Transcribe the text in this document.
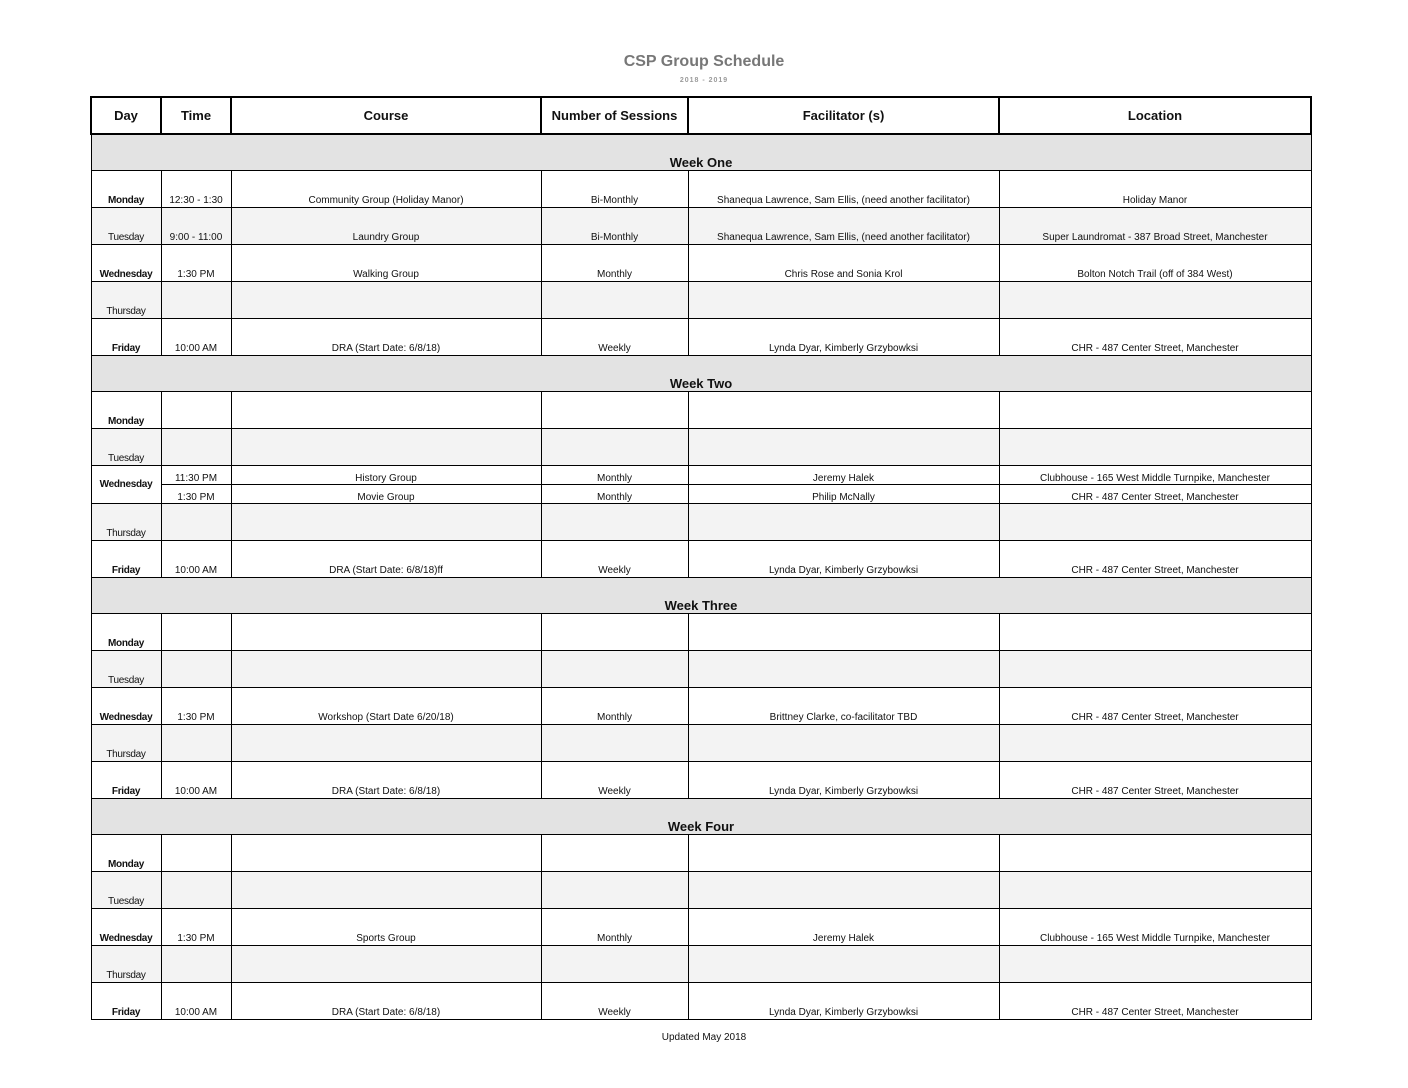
CSP Group Schedule
2018 - 2019
Day	Time	Course	Number of Sessions	Facilitator (s)	Location
Week One					
Monday	12:30 - 1:30	Community Group (Holiday Manor)	Bi-Monthly	Shanequa Lawrence, Sam Ellis, (need another facilitator)	Holiday Manor
Tuesday	9:00 - 11:00	Laundry Group	Bi-Monthly	Shanequa Lawrence, Sam Ellis, (need another facilitator)	Super Laundromat - 387 Broad Street, Manchester
Wednesday	1:30 PM	Walking Group	Monthly	Chris Rose and Sonia Krol	Bolton Notch Trail (off of 384 West)
Thursday					
Friday	10:00 AM	DRA (Start Date: 6/8/18)	Weekly	Lynda Dyar, Kimberly Grzybowksi	CHR - 487 Center Street, Manchester
Week Two					
Monday					
Tuesday					
Wednesday	11:30 PM	History Group	Monthly	Jeremy Halek	Clubhouse - 165 West Middle Turnpike, Manchester
	1:30 PM	Movie Group	Monthly	Philip McNally	CHR - 487 Center Street, Manchester
Thursday					
Friday	10:00 AM	DRA (Start Date: 6/8/18)ff	Weekly	Lynda Dyar, Kimberly Grzybowksi	CHR - 487 Center Street, Manchester
Week Three					
Monday					
Tuesday					
Wednesday	1:30 PM	Workshop (Start Date 6/20/18)	Monthly	Brittney Clarke, co-facilitator TBD	CHR - 487 Center Street, Manchester
Thursday					
Friday	10:00 AM	DRA (Start Date: 6/8/18)	Weekly	Lynda Dyar, Kimberly Grzybowksi	CHR - 487 Center Street, Manchester
Week Four					
Monday					
Tuesday					
Wednesday	1:30 PM	Sports Group	Monthly	Jeremy Halek	Clubhouse - 165 West Middle Turnpike, Manchester
Thursday					
Friday	10:00 AM	DRA (Start Date: 6/8/18)	Weekly	Lynda Dyar, Kimberly Grzybowksi	CHR - 487 Center Street, Manchester
Updated May 2018
